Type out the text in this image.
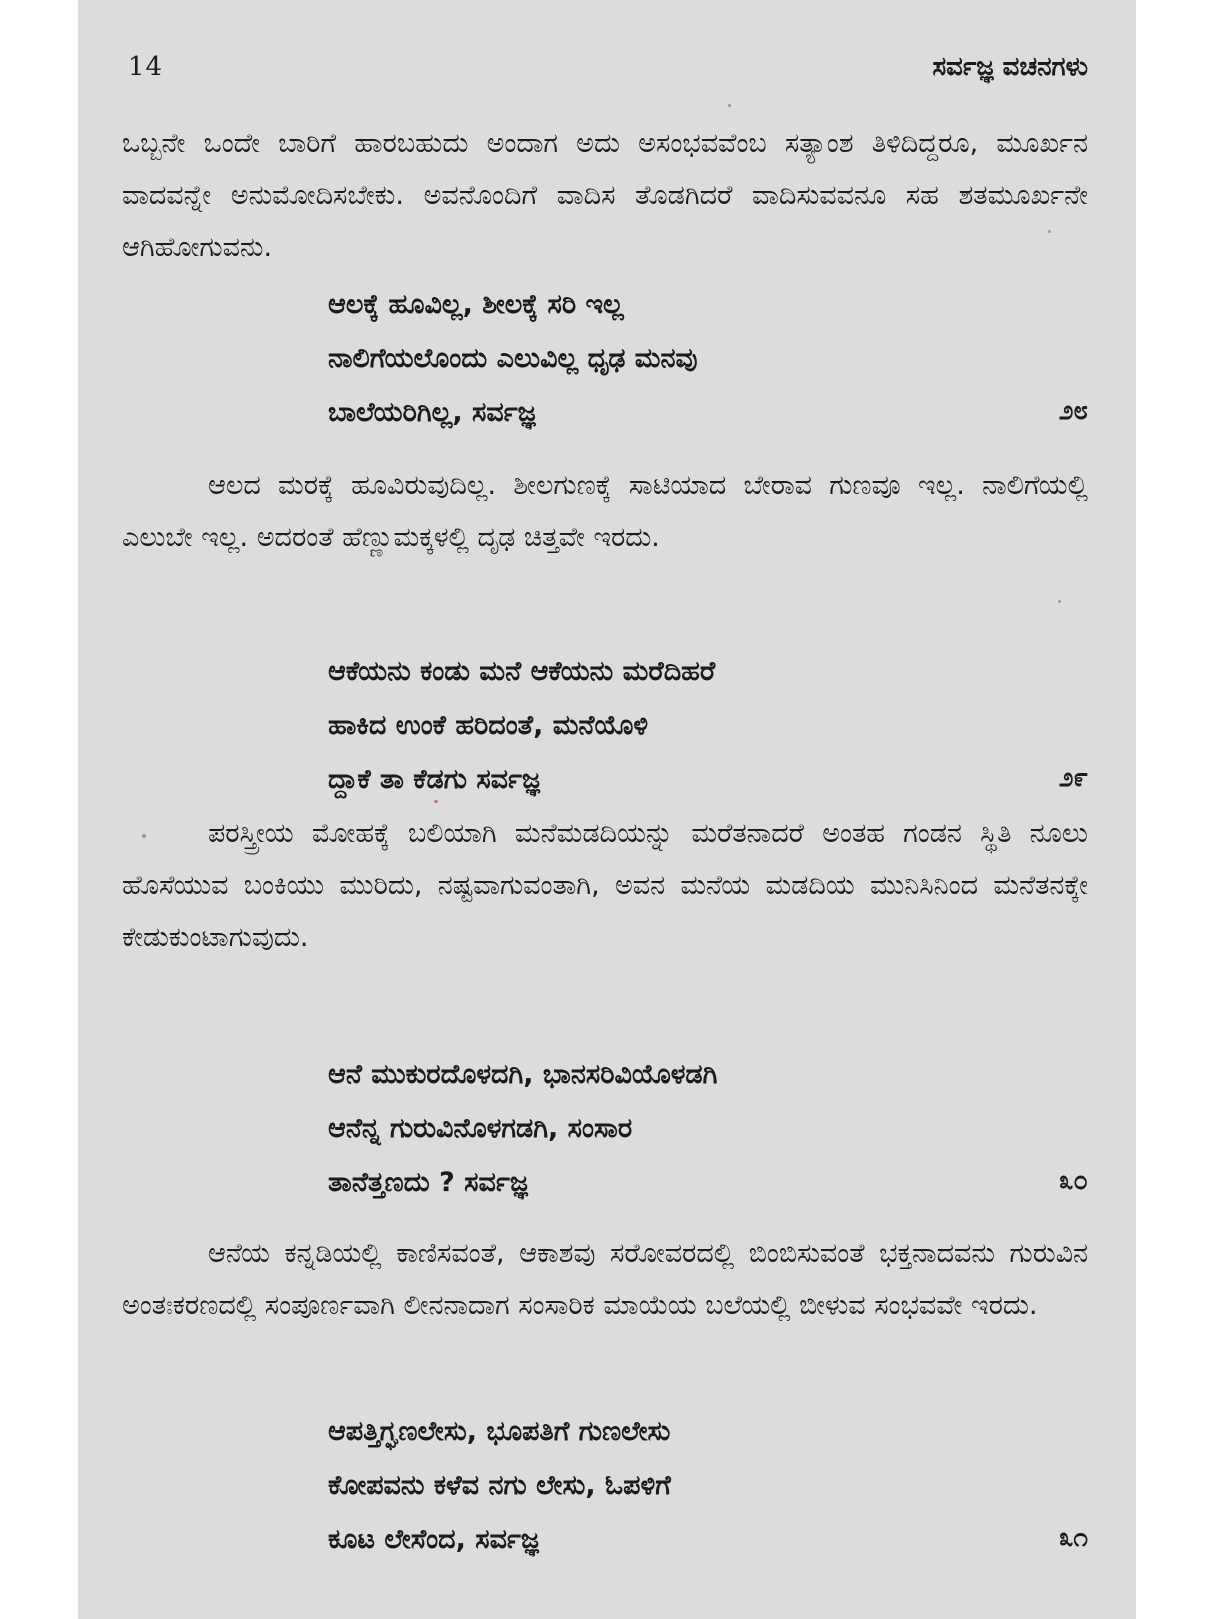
14	ಸರ್ವಜ್ಞ ವಚನಗಳು

ಒಬ್ಬನೇ ಒಂದೇ ಬಾರಿಗೆ ಹಾರಬಹುದು ಅಂದಾಗ ಅದು ಅಸಂಭವವೆಂಬ ಸತ್ಯಾಂಶ ತಿಳಿದಿದ್ದರೂ, ಮೂರ್ಖನ ವಾದವನ್ನೇ ಅನುಮೋದಿಸಬೇಕು. ಅವನೊಂದಿಗೆ ವಾದಿಸ ತೊಡಗಿದರೆ ವಾದಿಸುವವನೂ ಸಹ ಶತಮೂರ್ಖನೇ ಆಗಿಹೋಗುವನು.

ಆಲಕ್ಕೆ ಹೂವಿಲ್ಲ, ಶೀಲಕ್ಕೆ ಸರಿ ಇಲ್ಲ
ನಾಲಿಗೆಯಲೊಂದು ಎಲುವಿಲ್ಲ ಧೃಢ ಮನವು
ಬಾಲೆಯರಿಗಿಲ್ಲ, ಸರ್ವಜ್ಞ	೨೮

ಆಲದ ಮರಕ್ಕೆ ಹೂವಿರುವುದಿಲ್ಲ. ಶೀಲಗುಣಕ್ಕೆ ಸಾಟಿಯಾದ ಬೇರಾವ ಗುಣವೂ ಇಲ್ಲ. ನಾಲಿಗೆಯಲ್ಲಿ ಎಲುಬೇ ಇಲ್ಲ. ಅದರಂತೆ ಹೆಣ್ಣುಮಕ್ಕಳಲ್ಲಿ ದೃಢ ಚಿತ್ತವೇ ಇರದು.

ಆಕೆಯನು ಕಂಡು ಮನೆ ಆಕೆಯನು ಮರೆದಿಹರೆ
ಹಾಕಿದ ಉಂಕೆ ಹರಿದಂತೆ, ಮನೆಯೊಳಿ
ದ್ದಾಕೆ ತಾ ಕೆಡಗು ಸರ್ವಜ್ಞ	೨೯

ಪರಸ್ತ್ರೀಯ ಮೋಹಕ್ಕೆ ಬಲಿಯಾಗಿ ಮನೆಮಡದಿಯನ್ನು ಮರೆತನಾದರೆ ಅಂತಹ ಗಂಡನ ಸ್ಥಿತಿ ನೂಲು ಹೊಸೆಯುವ ಬಂಕಿಯು ಮುರಿದು, ನಷ್ಟವಾಗುವಂತಾಗಿ, ಅವನ ಮನೆಯ ಮಡದಿಯ ಮುನಿಸಿನಿಂದ ಮನೆತನಕ್ಕೇ ಕೇಡುಕುಂಟಾಗುವುದು.

ಆನೆ ಮುಕುರದೊಳದಗಿ, ಭಾನಸರಿವಿಯೊಳಡಗಿ
ಆನೆನ್ನ ಗುರುವಿನೊಳಗಡಗಿ, ಸಂಸಾರ
ತಾನೆತ್ತಣದು ? ಸರ್ವಜ್ಞ	೩೦

ಆನೆಯ ಕನ್ನಡಿಯಲ್ಲಿ ಕಾಣಿಸವಂತೆ, ಆಕಾಶವು ಸರೋವರದಲ್ಲಿ ಬಿಂಬಿಸುವಂತೆ ಭಕ್ತನಾದವನು ಗುರುವಿನ ಅಂತಃಕರಣದಲ್ಲಿ ಸಂಪೂರ್ಣವಾಗಿ ಲೀನನಾದಾಗ ಸಂಸಾರಿಕ ಮಾಯೆಯ ಬಲೆಯಲ್ಲಿ ಬೀಳುವ ಸಂಭವವೇ ಇರದು.

ಆಪತ್ತಿಗ್ಘಣಲೇಸು, ಭೂಪತಿಗೆ ಗುಣಲೇಸು
ಕೋಪವನು ಕಳೆವ ನಗು ಲೇಸು, ಓಪಳಿಗೆ
ಕೂಟ ಲೇಸೆಂದ, ಸರ್ವಜ್ಞ	೩೧
